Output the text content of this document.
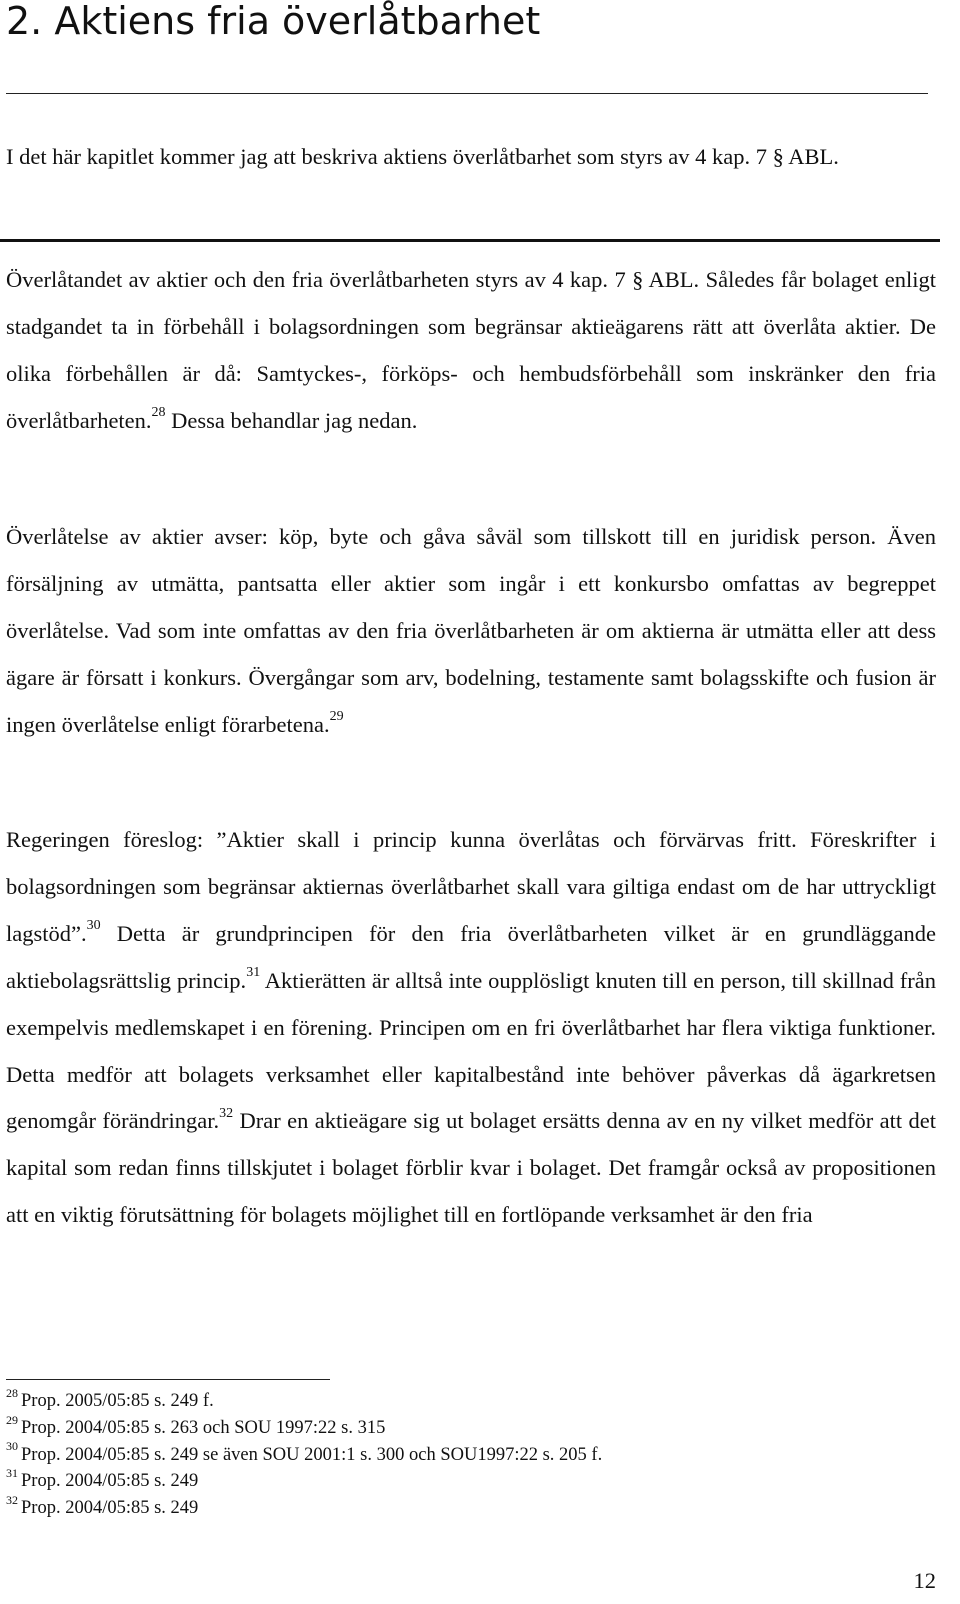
2. Aktiens fria överlåtbarhet

I det här kapitlet kommer jag att beskriva aktiens överlåtbarhet som styrs av 4 kap. 7 § ABL.

Överlåtandet av aktier och den fria överlåtbarheten styrs av 4 kap. 7 § ABL. Således får bolaget enligt stadgandet ta in förbehåll i bolagsordningen som begränsar aktieägarens rätt att överlåta aktier. De olika förbehållen är då: Samtyckes-, förköps- och hembudsförbehåll som inskränker den fria överlåtbarheten.$^{28}$ Dessa behandlar jag nedan.

Överlåtelse av aktier avser: köp, byte och gåva såväl som tillskott till en juridisk person. Även försäljning av utmätta, pantsatta eller aktier som ingår i ett konkursbo omfattas av begreppet överlåtelse. Vad som inte omfattas av den fria överlåtbarheten är om aktierna är utmätta eller att dess ägare är försatt i konkurs. Övergångar som arv, bodelning, testamente samt bolagsskifte och fusion är ingen överlåtelse enligt förarbetena.$^{29}$

Regeringen föreslog: ”Aktier skall i princip kunna överlåtas och förvärvas fritt. Föreskrifter i bolagsordningen som begränsar aktiernas överlåtbarhet skall vara giltiga endast om de har uttryckligt lagstöd”.$^{30}$ Detta är grundprincipen för den fria överlåtbarheten vilket är en grundläggande aktiebolagsrättslig princip.$^{31}$ Aktierätten är alltså inte oupplösligt knuten till en person, till skillnad från exempelvis medlemskapet i en förening. Principen om en fri överlåtbarhet har flera viktiga funktioner. Detta medför att bolagets verksamhet eller kapitalbestånd inte behöver påverkas då ägarkretsen genomgår förändringar.$^{32}$ Drar en aktieägare sig ut bolaget ersätts denna av en ny vilket medför att det kapital som redan finns tillskjutet i bolaget förblir kvar i bolaget. Det framgår också av propositionen att en viktig förutsättning för bolagets möjlighet till en fortlöpande verksamhet är den fria

$^{28}$ Prop. 2005/05:85 s. 249 f.
$^{29}$ Prop. 2004/05:85 s. 263 och SOU 1997:22 s. 315
$^{30}$ Prop. 2004/05:85 s. 249 se även SOU 2001:1 s. 300 och SOU1997:22 s. 205 f.
$^{31}$ Prop. 2004/05:85 s. 249
$^{32}$ Prop. 2004/05:85 s. 249
12
